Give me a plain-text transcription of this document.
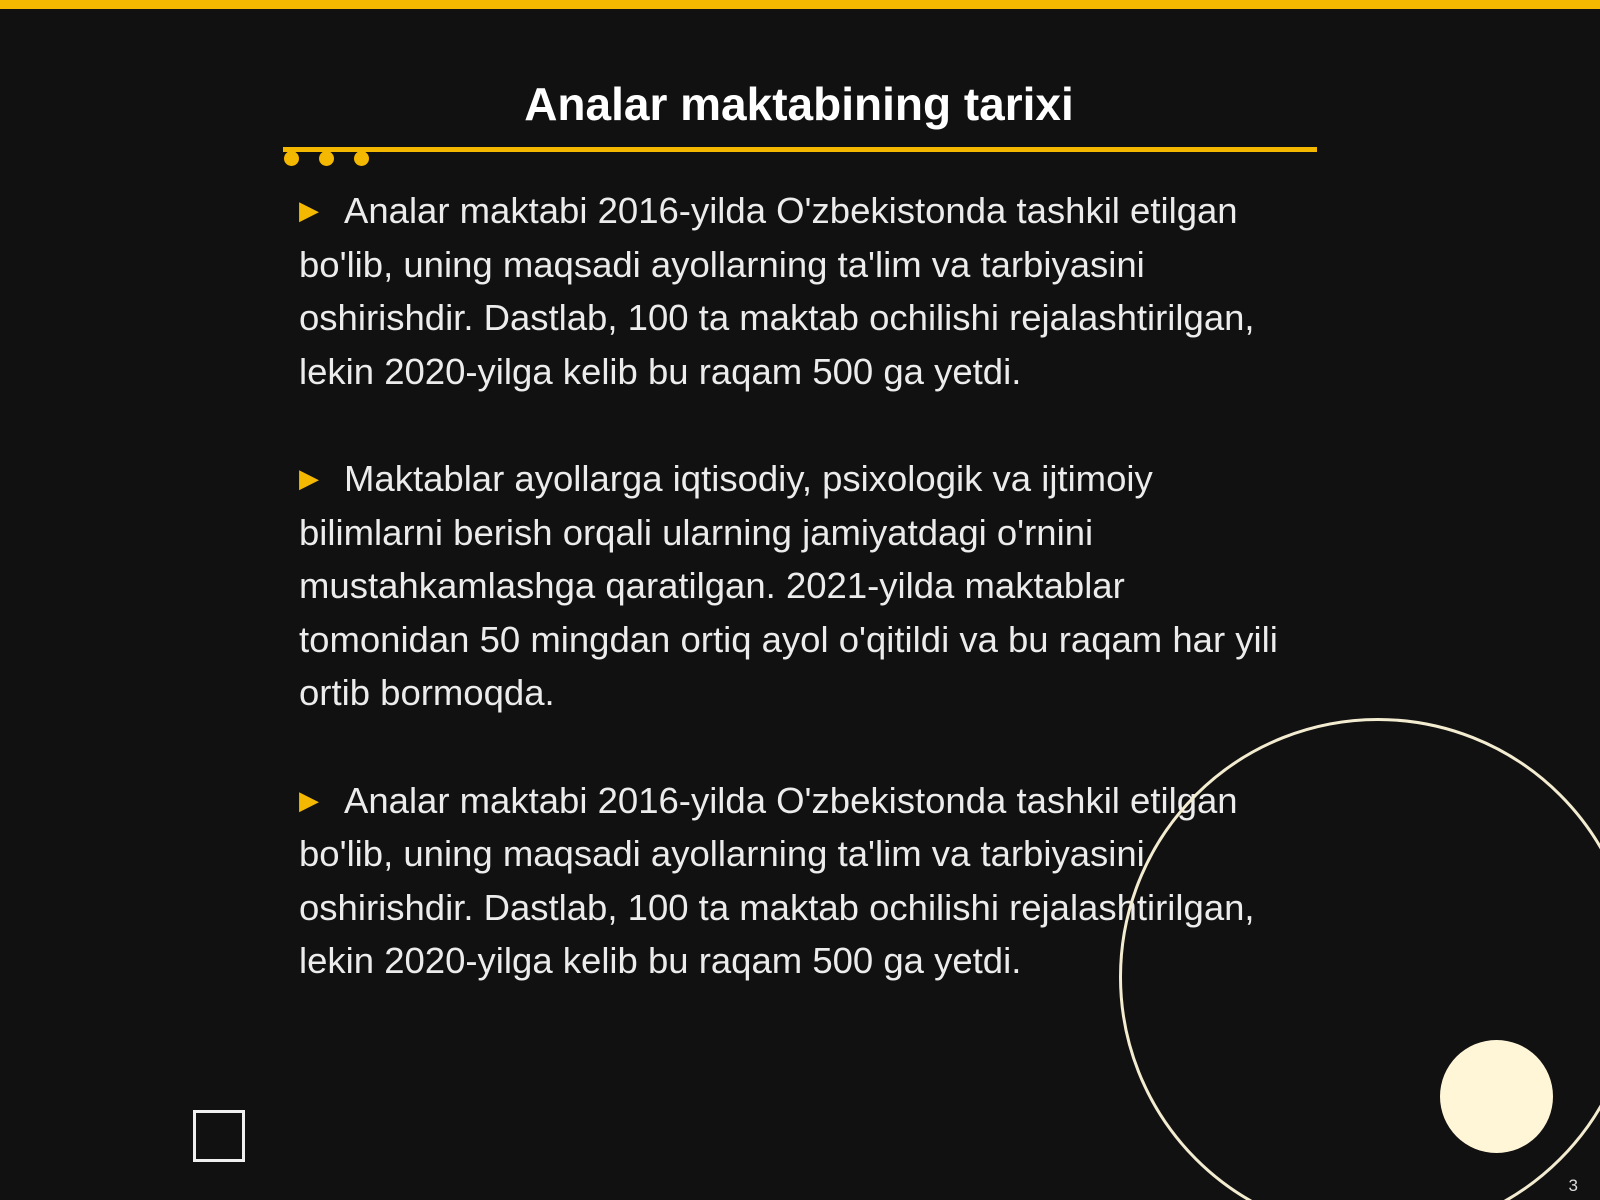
Analar maktabining tarixi
▶ Analar maktabi 2016-yilda O'zbekistonda tashkil etilgan bo'lib, uning maqsadi ayollarning ta'lim va tarbiyasini oshirishdir. Dastlab, 100 ta maktab ochilishi rejalashtirilgan, lekin 2020-yilga kelib bu raqam 500 ga yetdi.
▶ Maktablar ayollarga iqtisodiy, psixologik va ijtimoiy bilimlarni berish orqali ularning jamiyatdagi o'rnini mustahkamlashga qaratilgan. 2021-yilda maktablar tomonidan 50 mingdan ortiq ayol o'qitildi va bu raqam har yili ortib bormoqda.
▶ Analar maktabi 2016-yilda O'zbekistonda tashkil etilgan bo'lib, uning maqsadi ayollarning ta'lim va tarbiyasini oshirishdir. Dastlab, 100 ta maktab ochilishi rejalashtirilgan, lekin 2020-yilga kelib bu raqam 500 ga yetdi.
3
